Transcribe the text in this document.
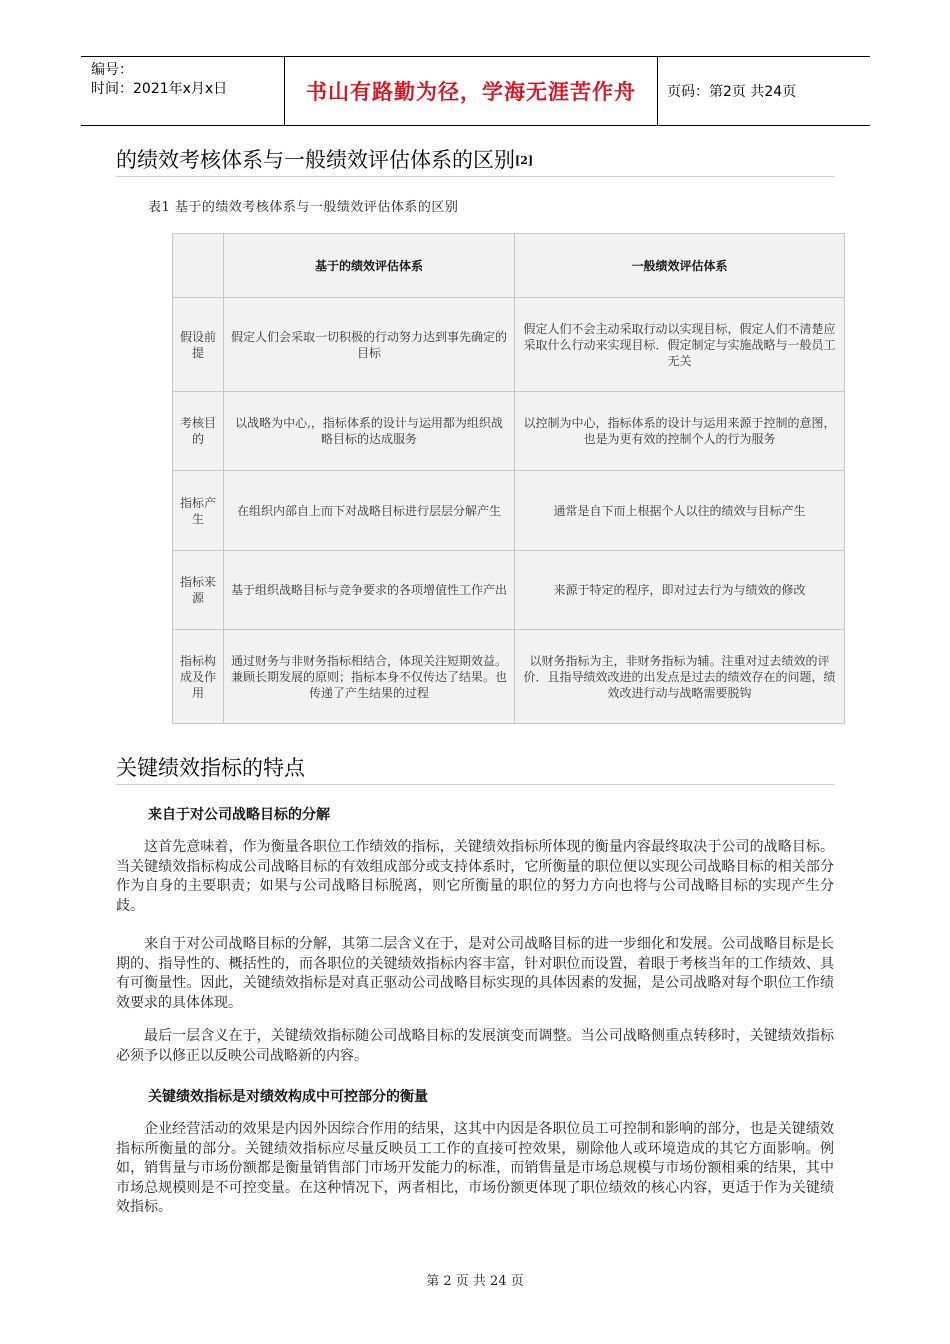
编号：
时间：2021年x月x日	书山有路勤为径，学海无涯苦作舟	页码：第2页 共24页
的绩效考核体系与一般绩效评估体系的区别[2]
表1 基于的绩效考核体系与一般绩效评估体系的区别
	基于的绩效评估体系	一般绩效评估体系
假设前提	假定人们会采取一切积极的行动努力达到事先确定的目标	假定人们不会主动采取行动以实现目标，假定人们不清楚应采取什么行动来实现目标．假定制定与实施战略与一般员工无关
考核目的	以战略为中心,，指标体系的设计与运用都为组织战略目标的达成服务	以控制为中心，指标体系的设计与运用来源于控制的意图，也是为更有效的控制个人的行为服务
指标产生	在组织内部自上而下对战略目标进行层层分解产生	通常是自下而上根据个人以往的绩效与目标产生
指标来源	基于组织战略目标与竞争要求的各项增值性工作产出	来源于特定的程序，即对过去行为与绩效的修改
指标构成及作用	通过财务与非财务指标相结合，体现关注短期效益。兼顾长期发展的原则；指标本身不仅传达了结果。也传递了产生结果的过程	以财务指标为主，非财务指标为辅。注重对过去绩效的评价．且指导绩效改进的出发点是过去的绩效存在的问题，绩效改进行动与战略需要脱钩
关键绩效指标的特点
来自于对公司战略目标的分解

这首先意味着，作为衡量各职位工作绩效的指标，关键绩效指标所体现的衡量内容最终取决于公司的战略目标。当关键绩效指标构成公司战略目标的有效组成部分或支持体系时，它所衡量的职位便以实现公司战略目标的相关部分作为自身的主要职责；如果与公司战略目标脱离，则它所衡量的职位的努力方向也将与公司战略目标的实现产生分歧。

来自于对公司战略目标的分解，其第二层含义在于，是对公司战略目标的进一步细化和发展。公司战略目标是长期的、指导性的、概括性的，而各职位的关键绩效指标内容丰富，针对职位而设置，着眼于考核当年的工作绩效、具有可衡量性。因此，关键绩效指标是对真正驱动公司战略目标实现的具体因素的发掘，是公司战略对每个职位工作绩效要求的具体体现。

最后一层含义在于，关键绩效指标随公司战略目标的发展演变而调整。当公司战略侧重点转移时，关键绩效指标必须予以修正以反映公司战略新的内容。

关键绩效指标是对绩效构成中可控部分的衡量

企业经营活动的效果是内因外因综合作用的结果，这其中内因是各职位员工可控制和影响的部分，也是关键绩效指标所衡量的部分。关键绩效指标应尽量反映员工工作的直接可控效果，剔除他人或环境造成的其它方面影响。例如，销售量与市场份额都是衡量销售部门市场开发能力的标准，而销售量是市场总规模与市场份额相乘的结果，其中市场总规模则是不可控变量。在这种情况下，两者相比，市场份额更体现了职位绩效的核心内容，更适于作为关键绩效指标。

第 2 页 共 24 页
